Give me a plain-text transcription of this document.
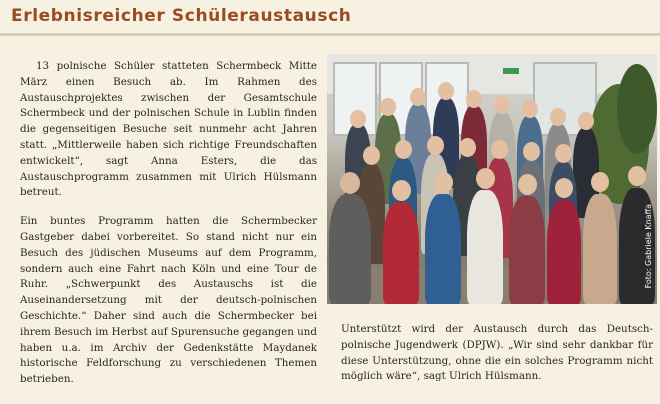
Erlebnisreicher Schüleraustausch

13 polnische Schüler statteten Schermbeck Mitte März einen Besuch ab. Im Rahmen des Austauschprojektes zwischen der Gesamtschule Schermbeck und der polnischen Schule in Lublin finden die gegenseitigen Besuche seit nunmehr acht Jahren statt. „Mittlerweile haben sich richtige Freundschaften entwickelt“, sagt Anna Esters, die das Austauschprogramm zusammen mit Ulrich Hülsmann betreut.

Ein buntes Programm hatten die Schermbecker Gastgeber dabei vorbereitet. So stand nicht nur ein Besuch des jüdischen Museums auf dem Programm, sondern auch eine Fahrt nach Köln und eine Tour de Ruhr. „Schwerpunkt des Austauschs ist die Auseinandersetzung mit der deutsch-polnischen Geschichte.“ Daher sind auch die Schermbecker bei ihrem Besuch im Herbst auf Spurensuche gegangen und haben u.a. im Archiv der Gedenkstätte Maydanek historische Feldforschung zu verschiedenen Themen betrieben.

Foto: Gabriele Knaffa

Unterstützt wird der Austausch durch das Deutsch-polnische Jugendwerk (DPJW). „Wir sind sehr dankbar für diese Unterstützung, ohne die ein solches Programm nicht möglich wäre“, sagt Ulrich Hülsmann.
